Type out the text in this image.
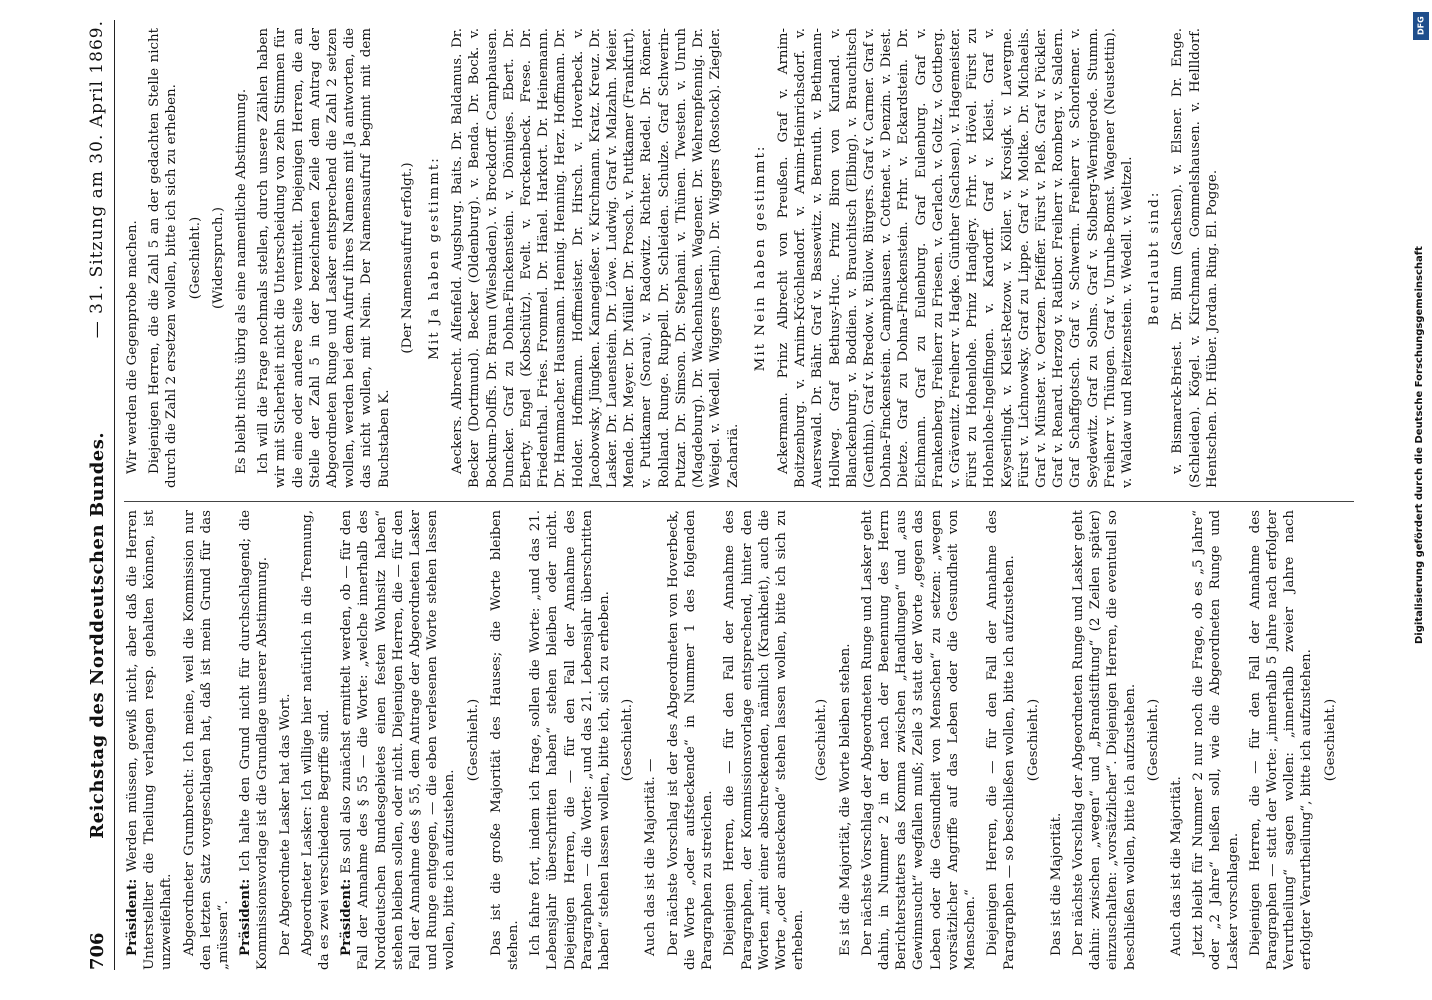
706
Reichstag des Norddeutschen Bundes.
— 31. Sitzung am 30. April 1869.

Präsident: Werden müssen, gewiß nicht, aber daß die Herren Unterstellter die Theilung verlangen resp. gehalten können, ist unzweifelhaft. Abgeordneter Grumbrecht: Ich meine, weil die Kommission nur den letzten Satz vorgeschlagen hat, daß ist mein Grund für das „müssen“. Präsident: Ich halte den Grund nicht für durchschlagend; die Kommissionsvorlage ist die Grundlage unserer Abstimmung. Der Abgeordnete Lasker hat das Wort. Abgeordneter Lasker: Ich willige hier natürlich in die Trennung, da es zwei verschiedene Begriffe sind. Präsident: Es soll also zunächst ermittelt werden, ob — für den Fall der Annahme des § 55 — die Worte: „welche innerhalb des Norddeutschen Bundesgebietes einen festen Wohnsitz haben“ stehen bleiben sollen, oder nicht. Diejenigen Herren, die — für den Fall der Annahme des § 55, dem Antrage der Abgeordneten Lasker und Runge entgegen, — die eben verlesenen Worte stehen lassen wollen, bitte ich aufzustehen.

(Geschieht.) Das ist die große Majorität des Hauses; die Worte bleiben stehen. Ich fahre fort, indem ich frage, sollen die Worte: „und das 21. Lebensjahr überschritten haben“ stehen bleiben oder nicht. Diejenigen Herren, die — für den Fall der Annahme des Paragraphen — die Worte: „und das 21. Lebensjahr überschritten haben“ stehen lassen wollen, bitte ich, sich zu erheben. (Geschieht.)

Auch das ist die Majorität. — Der nächste Vorschlag ist der des Abgeordneten von Hoverbeck, die Worte „oder aufsteckende“ in Nummer 1 des folgenden Paragraphen zu streichen. Diejenigen Herren, die — für den Fall der Annahme des Paragraphen, der Kommissionsvorlage entsprechend, hinter den Worten „mit einer abschreckenden, nämlich (Krankheit), auch die Worte „oder ansteckende“ stehen lassen wollen, bitte ich sich zu erheben.

(Geschieht.) Es ist die Majorität, die Worte bleiben stehen. Der nächste Vorschlag der Abgeordneten Runge und Lasker geht dahin, in Nummer 2 in der nach der Benennung des Herrn Berichterstatters das Komma zwischen „Handlungen“ und „aus Gewinnsucht“ wegfallen muß; Zeile 3 statt der Worte „gegen das Leben oder die Gesundheit von Menschen“ zu setzen: „wegen vorsätzlicher Angriffe auf das Leben oder die Gesundheit von Menschen.“ Diejenigen Herren, die — für den Fall der Annahme des Paragraphen — so beschließen wollen, bitte ich aufzustehen. (Geschieht.)

Das ist die Majorität. Der nächste Vorschlag der Abgeordneten Runge und Lasker geht dahin: zwischen „wegen“ und „Brandstiftung“ (2 Zeilen später) einzuschalten: „vorsätzlicher“. Diejenigen Herren, die eventuell so beschließen wollen, bitte ich aufzustehen. (Geschieht.)

Auch das ist die Majorität. Jetzt bleibt für Nummer 2 nur noch die Frage, ob es „5 Jahre“ oder „2 Jahre“ heißen soll, wie die Abgeordneten Runge und Lasker vorschlagen. Diejenigen Herren, die — für den Fall der Annahme des Paragraphen — statt der Worte: „innerhalb 5 Jahre nach erfolgter Verurtheilung“ sagen wollen: „innerhalb zweier Jahre nach erfolgter Verurtheilung“, bitte ich aufzustehen. (Geschieht.)

Wir werden die Gegenprobe machen. Diejenigen Herren, die die Zahl 5 an der gedachten Stelle nicht durch die Zahl 2 ersetzen wollen, bitte ich sich zu erheben. (Geschieht.) (Widerspruch.) Es bleibt nichts übrig als eine namentliche Abstimmung. Ich will die Frage nochmals stellen, durch unsere Zählen haben wir mit Sicherheit nicht die Unterscheidung von zehn Stimmen für die eine oder andere Seite vermittelt. Diejenigen Herren, die an Stelle der Zahl 5 in der bezeichneten Zeile dem Antrag der Abgeordneten Runge und Lasker entsprechend die Zahl 2 setzen wollen, werden bei dem Aufruf ihres Namens mit Ja antworten, die das nicht wollen, mit Nein. Der Namensaufruf beginnt mit dem Buchstaben K.

(Der Namensaufruf erfolgt.) Mit Ja haben gestimmt: Aeckers. Albrecht. Alfenfeld. Augsburg. Baits. Dr. Baldamus. Dr. Becker (Dortmund). Becker (Oldenburg). v. Benda. Dr. Bock. v. Bockum-Dolffs. Dr. Braun (Wiesbaden). v. Brockdorff. Camphausen. Duncker. Graf zu Dohna-Finckenstein. v. Dönniges. Ebert. Dr. Eberty. Engel (Kobschütz). Evelt. v. Forckenbeck. Frese. Dr. Friedenthal. Fries. Frommel. Dr. Hänel. Harkort. Dr. Heinemann. Dr. Hammacher. Hausmann. Hennig. Henning. Herz. Hoffmann. Dr. Holder. Hoffmann. Hoffmeister. Dr. Hirsch. v. Hoverbeck. v. Jacobowsky. Jüngken. Kannegießer. v. Kirchmann. Kratz. Kreuz. Dr. Lasker. Dr. Lauenstein. Dr. Löwe. Ludwig. Graf v. Malzahn. Meier. Mende. Dr. Meyer. Dr. Müller. Dr. Prosch. v. Puttkamer (Frankfurt). v. Puttkamer (Sorau). v. Radowitz. Richter. Riedel. Dr. Römer. Rohland. Runge. Ruppell. Dr. Schleiden. Schulze. Graf Schwerin-Putzar. Dr. Simson. Dr. Stephani. v. Thünen. Twesten. v. Unruh (Magdeburg). Dr. Wachenhusen. Wagener. Dr. Wehrenpfennig. Dr. Weigel. v. Wedell. Wiggers (Berlin). Dr. Wiggers (Rostock). Ziegler. Zachariä.

Mit Nein haben gestimmt: Ackermann. Prinz Albrecht von Preußen. Graf v. Arnim-Boitzenburg. v. Arnim-Kröchlendorf. v. Arnim-Heinrichsdorf. v. Auerswald. Dr. Bähr. Graf v. Bassewitz. v. Bernuth. v. Bethmann-Hollweg. Graf Bethusy-Huc. Prinz Biron von Kurland. v. Blanckenburg. v. Boddien. v. Brauchitsch (Elbing). v. Brauchitsch (Genthin). Graf v. Bredow. v. Bülow. Bürgers. Graf v. Carmer. Graf v. Dohna-Finckenstein. Camphausen. v. Cottenet. v. Denzin. v. Diest. Dietze. Graf zu Dohna-Finckenstein. Frhr. v. Eckardstein. Dr. Eichmann. Graf zu Eulenburg. Graf Eulenburg. Graf v. Frankenberg. Freiherr zu Friesen. v. Gerlach. v. Goltz. v. Gottberg. v. Grävenitz. Freiherr v. Hagke. Günther (Sachsen). v. Hagemeister. Fürst zu Hohenlohe. Prinz Handjery. Frhr. v. Hövel. Fürst zu Hohenlohe-Ingelfingen. v. Kardorff. Graf v. Kleist. Graf v. Keyserlingk. v. Kleist-Retzow. v. Köller. v. Krosigk. v. Lavergne. Fürst v. Lichnowsky. Graf zu Lippe. Graf v. Moltke. Dr. Michaelis. Graf v. Münster. v. Oertzen. Pfeiffer. Fürst v. Pleß. Graf v. Pückler. Graf v. Renard. Herzog v. Ratibor. Freiherr v. Romberg. v. Saldern. Graf Schaffgotsch. Graf v. Schwerin. Freiherr v. Schorlemer. v. Seydewitz. Graf zu Solms. Graf v. Stolberg-Wernigerode. Stumm. Freiherr v. Thüngen. Graf v. Unruhe-Bomst. Wagener (Neustettin). v. Waldaw und Reitzenstein. v. Wedell. v. Weltzel. Beurlaubt sind: v. Bismarck-Briest. Dr. Blum (Sachsen). v. Elsner. Dr. Enge. (Schleiden). Kögel. v. Kirchmann. Gommelshausen. v. Hellldorf. Hentschen. Dr. Hüber. Jordan. Ring. El. Pogge.

DFG
Digitalisierung gefördert durch die Deutsche Forschungsgemeinschaft
